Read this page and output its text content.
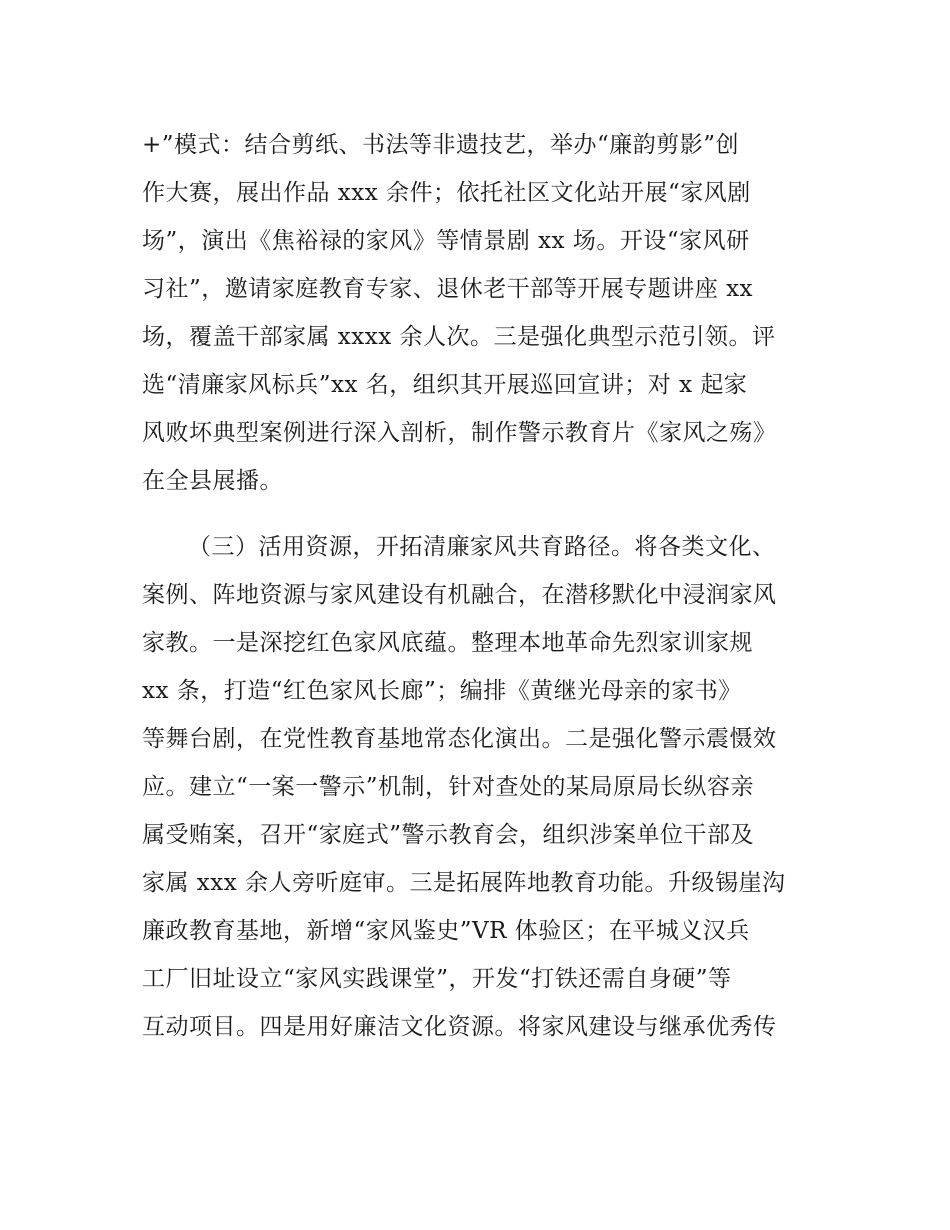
+”模式：结合剪纸、书法等非遗技艺，举办“廉韵剪影”创
作大赛，展出作品 xxx 余件；依托社区文化站开展“家风剧
场”，演出《焦裕禄的家风》等情景剧 xx 场。开设“家风研
习社”，邀请家庭教育专家、退休老干部等开展专题讲座 xx
场，覆盖干部家属 xxxx 余人次。三是强化典型示范引领。评
选“清廉家风标兵”xx 名，组织其开展巡回宣讲；对 x 起家
风败坏典型案例进行深入剖析，制作警示教育片《家风之殇》
在全县展播。
（三）活用资源，开拓清廉家风共育路径。将各类文化、
案例、阵地资源与家风建设有机融合，在潜移默化中浸润家风
家教。一是深挖红色家风底蕴。整理本地革命先烈家训家规
xx 条，打造“红色家风长廊”；编排《黄继光母亲的家书》
等舞台剧，在党性教育基地常态化演出。二是强化警示震慑效
应。建立“一案一警示”机制，针对查处的某局原局长纵容亲
属受贿案，召开“家庭式”警示教育会，组织涉案单位干部及
家属 xxx 余人旁听庭审。三是拓展阵地教育功能。升级锡崖沟
廉政教育基地，新增“家风鉴史”VR 体验区；在平城义汉兵
工厂旧址设立“家风实践课堂”，开发“打铁还需自身硬”等
互动项目。四是用好廉洁文化资源。将家风建设与继承优秀传
